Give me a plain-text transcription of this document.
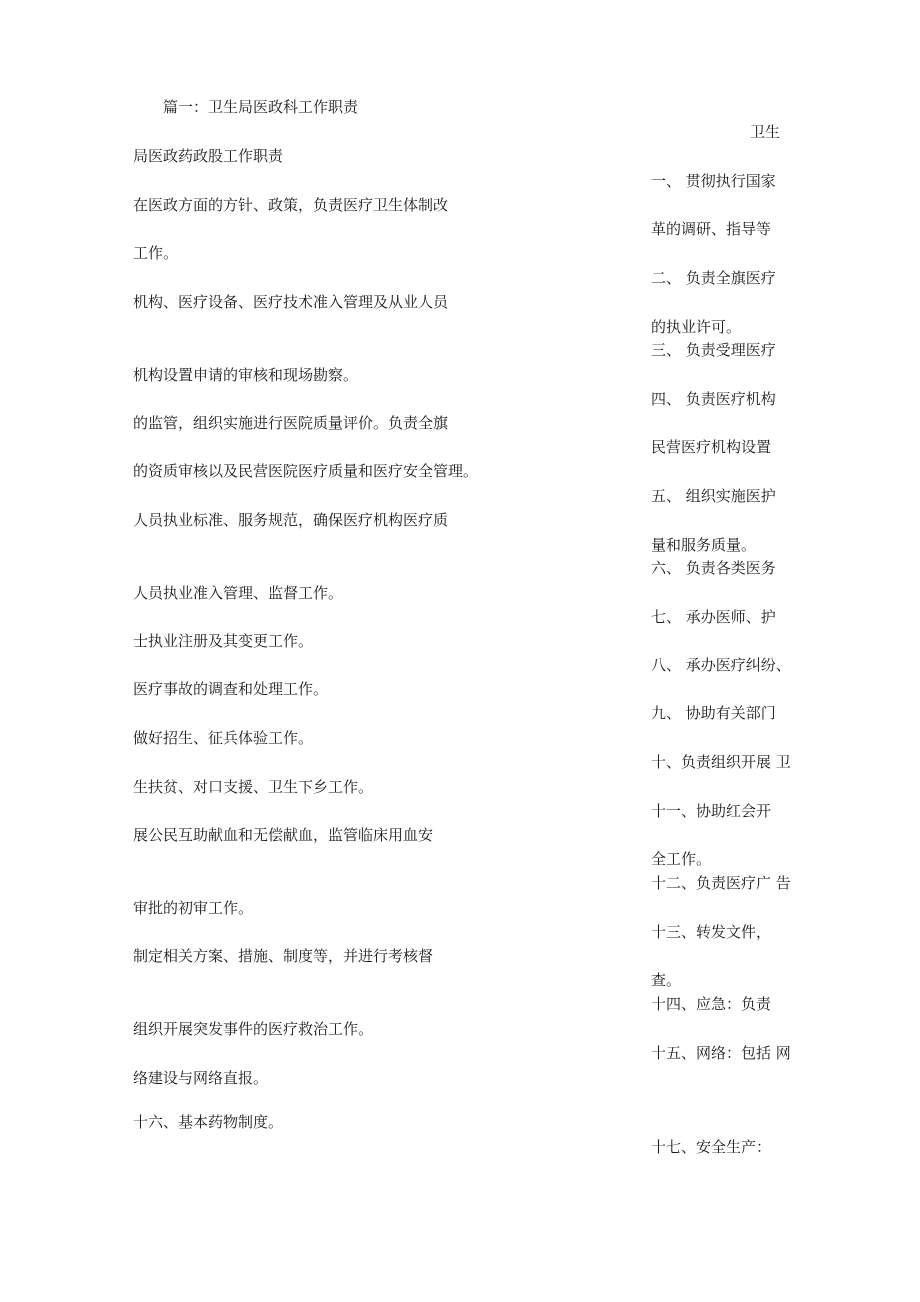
篇一：卫生局医政科工作职责
局医政药政股工作职责
在医政方面的方针、政策，负责医疗卫生体制改
工作。
机构、医疗设备、医疗技术准入管理及从业人员
机构设置申请的审核和现场勘察。
的监管，组织实施进行医院质量评价。负责全旗
的资质审核以及民营医院医疗质量和医疗安全管理。
人员执业标准、服务规范，确保医疗机构医疗质
人员执业准入管理、监督工作。
士执业注册及其变更工作。
医疗事故的调查和处理工作。
做好招生、征兵体验工作。
生扶贫、对口支援、卫生下乡工作。
展公民互助献血和无偿献血，监管临床用血安
审批的初审工作。
制定相关方案、措施、制度等，并进行考核督
组织开展突发事件的医疗救治工作。
络建设与网络直报。
十六、基本药物制度。
卫生
一、 贯彻执行国家
革的调研、指导等
二、 负责全旗医疗
的执业许可。
三、 负责受理医疗
四、 负责医疗机构
民营医疗机构设置
五、 组织实施医护
量和服务质量。
六、 负责各类医务
七、 承办医师、护
八、 承办医疗纠纷、
九、 协助有关部门
十、负责组织开展 卫
十一、协助红会开
全工作。
十二、负责医疗广 告
十三、转发文件，
查。
十四、应急：负责
十五、网络：包括 网
十七、安全生产：
